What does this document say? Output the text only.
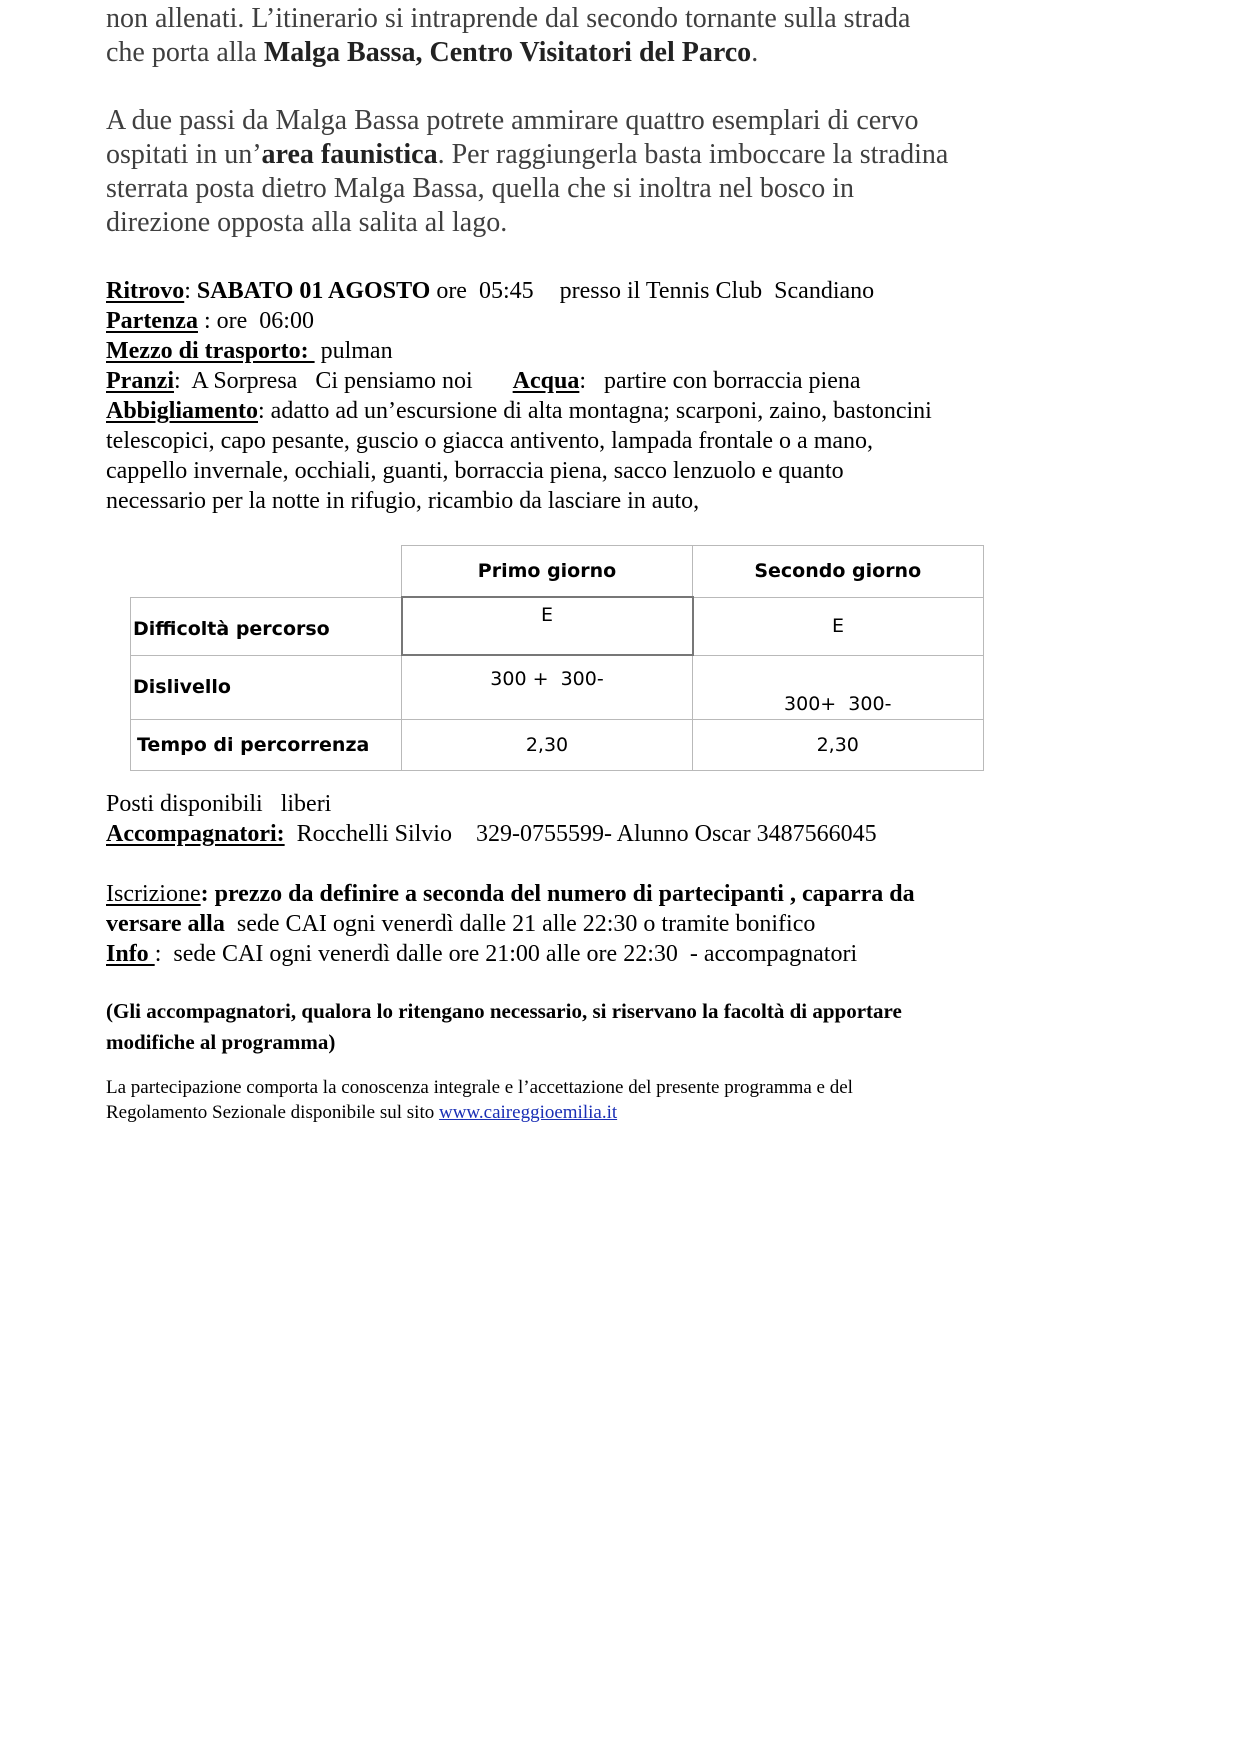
non allenati. L’itinerario si intraprende dal secondo tornante sulla strada
che porta alla Malga Bassa, Centro Visitatori del Parco.

A due passi da Malga Bassa potrete ammirare quattro esemplari di cervo
ospitati in un’area faunistica. Per raggiungerla basta imboccare la stradina
sterrata posta dietro Malga Bassa, quella che si inoltra nel bosco in
direzione opposta alla salita al lago.

Ritrovo: SABATO 01 AGOSTO ore  05:45 presso il Tennis Club  Scandiano
Partenza : ore  06:00
Mezzo di trasporto:  pulman
Pranzi:  A Sorpresa   Ci pensiamo noi Acqua:   partire con borraccia piena
Abbigliamento: adatto ad un’escursione di alta montagna; scarponi, zaino, bastoncini
telescopici, capo pesante, guscio o giacca antivento, lampada frontale o a mano,
cappello invernale, occhiali, guanti, borraccia piena, sacco lenzuolo e quanto
necessario per la notte in rifugio, ricambio da lasciare in auto,
	Primo giorno	Secondo giorno
Difficoltà percorso	E	E
Dislivello	300 +  300-	300+  300-
Tempo di percorrenza	2,30	2,30
Posti disponibili liberi
Accompagnatori:  Rocchelli Silvio    329-0755599- Alunno Oscar 3487566045
Iscrizione: prezzo da definire a seconda del numero di partecipanti , caparra da
versare alla  sede CAI ogni venerdì dalle 21 alle 22:30 o tramite bonifico
Info :  sede CAI ogni venerdì dalle ore 21:00 alle ore 22:30  - accompagnatori
(Gli accompagnatori, qualora lo ritengano necessario, si riservano la facoltà di apportare
modifiche al programma)
La partecipazione comporta la conoscenza integrale e l’accettazione del presente programma e del
Regolamento Sezionale disponibile sul sito www.caireggioemilia.it
